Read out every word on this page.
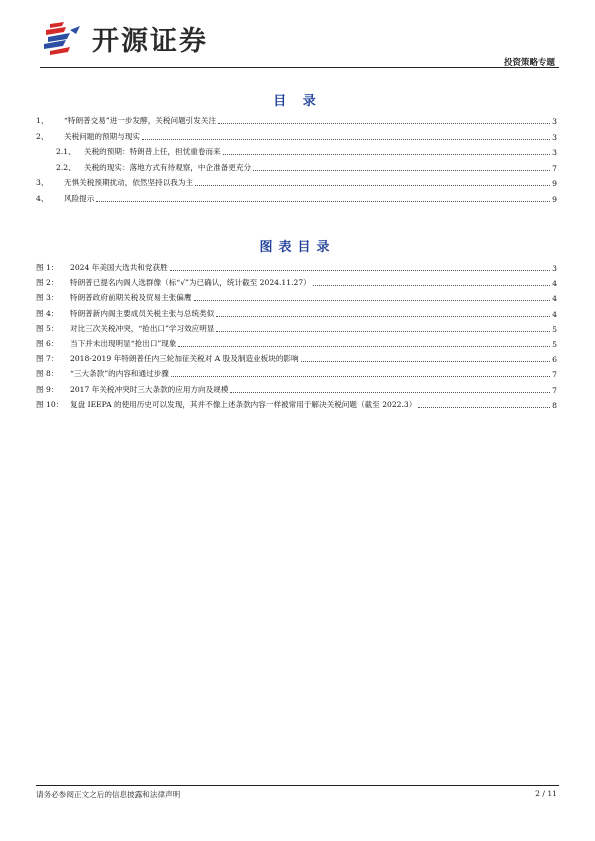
开源证券
投资策略专题
目 录
1、	“特朗普交易”进一步发酵，关税问题引发关注	3
2、	关税问题的预期与现实	3
2.1、	关税的预期：特朗普上任，担忧重卷而来	3
2.2、	关税的现实：落地方式有待观察，中企准备更充分	7
3、	无惧关税预期扰动，依然坚持以我为主	9
4、	风险提示	9
图表目录
图 1：	2024 年美国大选共和党获胜	3
图 2：	特朗普已提名内阁人选群像（标“√”为已确认，统计截至 2024.11.27）	4
图 3：	特朗普政府前期关税及贸易主张偏鹰	4
图 4：	特朗普新内阁主要成员关税主张与总统类似	4
图 5：	对比三次关税冲突，“抢出口”学习效应明显	5
图 6：	当下并未出现明显“抢出口”现象	5
图 7：	2018-2019 年特朗普任内三轮加征关税对 A 股及制造业板块的影响	6
图 8：	“三大条款”的内容和通过步骤	7
图 9：	2017 年关税冲突时三大条款的应用方向及规模	7
图 10： 复盘 IEEPA 的使用历史可以发现，其并不像上述条款内容一样被常用于解决关税问题（截至 2022.3）	8
请务必参阅正文之后的信息披露和法律声明	2 / 11
